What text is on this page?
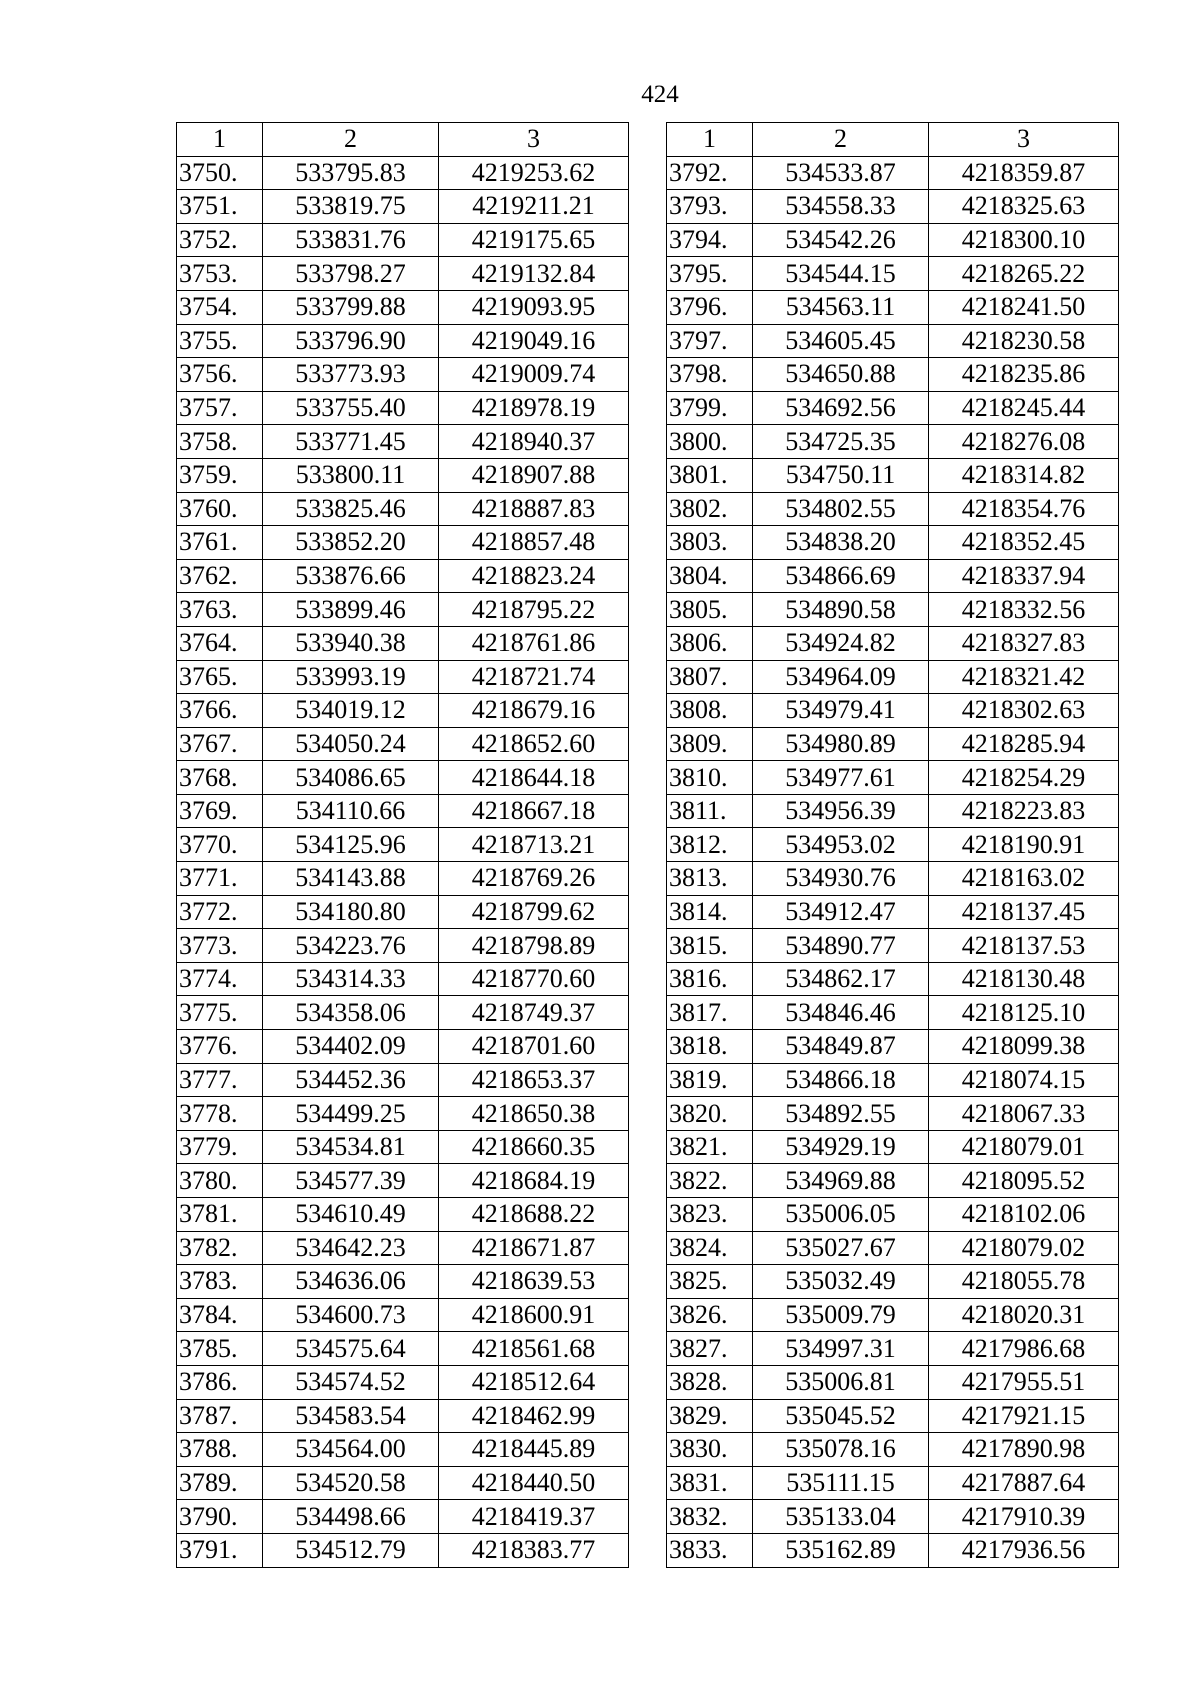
424
1	2	3
3750.	533795.83	4219253.62
3751.	533819.75	4219211.21
3752.	533831.76	4219175.65
3753.	533798.27	4219132.84
3754.	533799.88	4219093.95
3755.	533796.90	4219049.16
3756.	533773.93	4219009.74
3757.	533755.40	4218978.19
3758.	533771.45	4218940.37
3759.	533800.11	4218907.88
3760.	533825.46	4218887.83
3761.	533852.20	4218857.48
3762.	533876.66	4218823.24
3763.	533899.46	4218795.22
3764.	533940.38	4218761.86
3765.	533993.19	4218721.74
3766.	534019.12	4218679.16
3767.	534050.24	4218652.60
3768.	534086.65	4218644.18
3769.	534110.66	4218667.18
3770.	534125.96	4218713.21
3771.	534143.88	4218769.26
3772.	534180.80	4218799.62
3773.	534223.76	4218798.89
3774.	534314.33	4218770.60
3775.	534358.06	4218749.37
3776.	534402.09	4218701.60
3777.	534452.36	4218653.37
3778.	534499.25	4218650.38
3779.	534534.81	4218660.35
3780.	534577.39	4218684.19
3781.	534610.49	4218688.22
3782.	534642.23	4218671.87
3783.	534636.06	4218639.53
3784.	534600.73	4218600.91
3785.	534575.64	4218561.68
3786.	534574.52	4218512.64
3787.	534583.54	4218462.99
3788.	534564.00	4218445.89
3789.	534520.58	4218440.50
3790.	534498.66	4218419.37
3791.	534512.79	4218383.77
1	2	3
3792.	534533.87	4218359.87
3793.	534558.33	4218325.63
3794.	534542.26	4218300.10
3795.	534544.15	4218265.22
3796.	534563.11	4218241.50
3797.	534605.45	4218230.58
3798.	534650.88	4218235.86
3799.	534692.56	4218245.44
3800.	534725.35	4218276.08
3801.	534750.11	4218314.82
3802.	534802.55	4218354.76
3803.	534838.20	4218352.45
3804.	534866.69	4218337.94
3805.	534890.58	4218332.56
3806.	534924.82	4218327.83
3807.	534964.09	4218321.42
3808.	534979.41	4218302.63
3809.	534980.89	4218285.94
3810.	534977.61	4218254.29
3811.	534956.39	4218223.83
3812.	534953.02	4218190.91
3813.	534930.76	4218163.02
3814.	534912.47	4218137.45
3815.	534890.77	4218137.53
3816.	534862.17	4218130.48
3817.	534846.46	4218125.10
3818.	534849.87	4218099.38
3819.	534866.18	4218074.15
3820.	534892.55	4218067.33
3821.	534929.19	4218079.01
3822.	534969.88	4218095.52
3823.	535006.05	4218102.06
3824.	535027.67	4218079.02
3825.	535032.49	4218055.78
3826.	535009.79	4218020.31
3827.	534997.31	4217986.68
3828.	535006.81	4217955.51
3829.	535045.52	4217921.15
3830.	535078.16	4217890.98
3831.	535111.15	4217887.64
3832.	535133.04	4217910.39
3833.	535162.89	4217936.56
